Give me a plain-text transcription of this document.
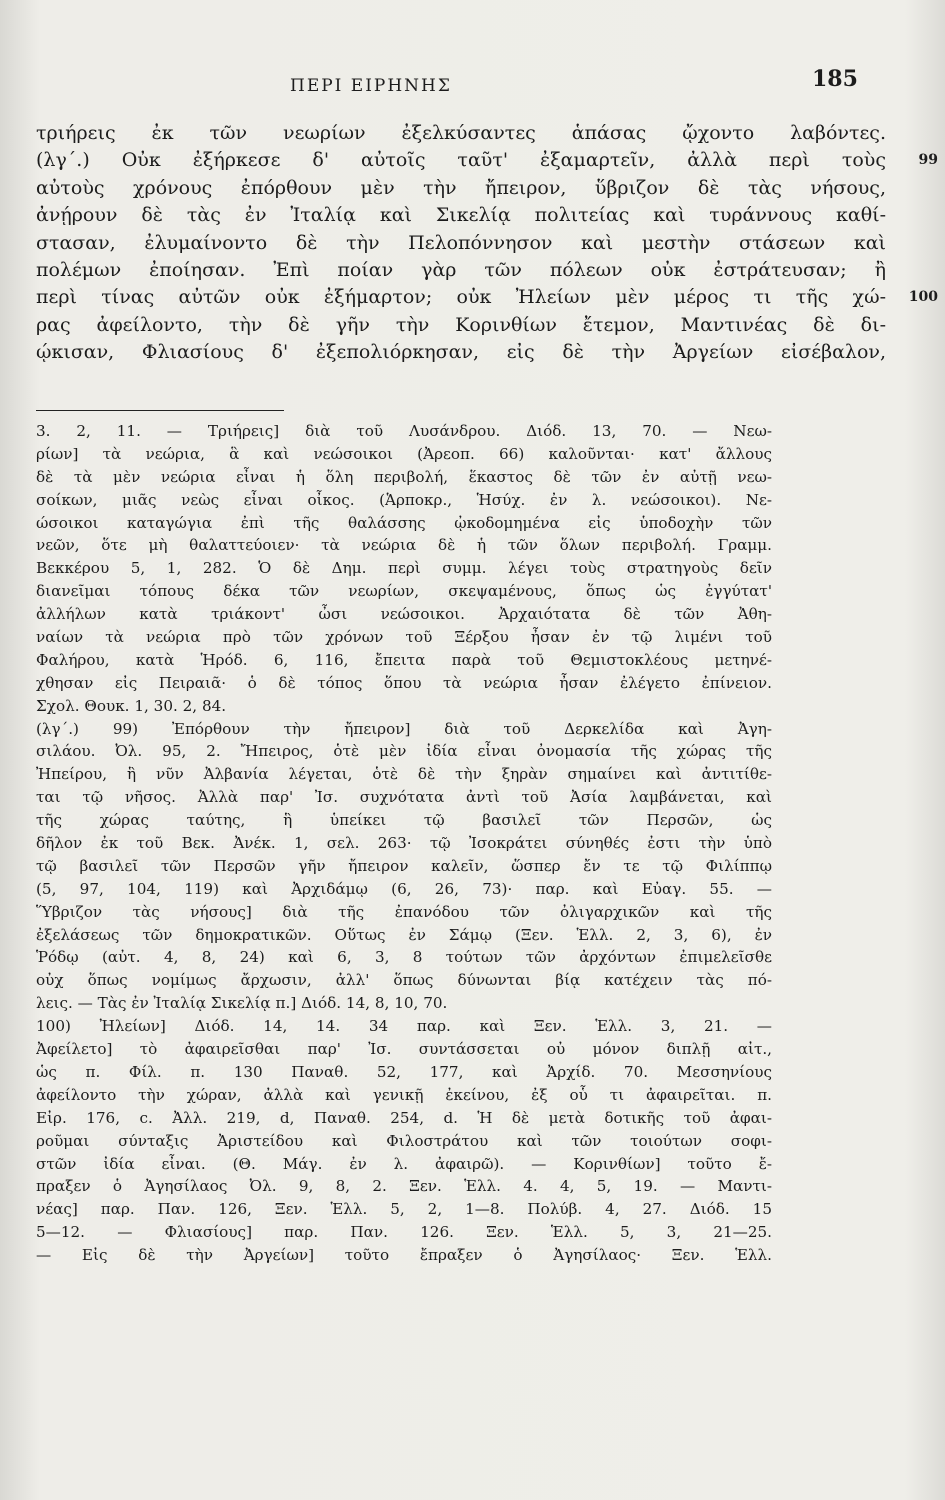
ΠΕΡΙ ΕΙΡΗΝΗΣ	185
τριήρεις ἐκ τῶν νεωρίων ἐξελκύσαντες ἁπάσας ᾤχοντο λαβόντες.
(λγ΄.) Οὐκ ἐξήρκεσε δ' αὐτοῖς ταῦτ' ἐξαμαρτεῖν, ἀλλὰ περὶ τοὺς 99
αὐτοὺς χρόνους ἐπόρθουν μὲν τὴν ἤπειρον, ὕβριζον δὲ τὰς νήσους,
ἀνῄρουν δὲ τὰς ἐν Ἰταλίᾳ καὶ Σικελίᾳ πολιτείας καὶ τυράννους καθί-
στασαν, ἐλυμαίνοντο δὲ τὴν Πελοπόννησον καὶ μεστὴν στάσεων καὶ
πολέμων ἐποίησαν. Ἐπὶ ποίαν γὰρ τῶν πόλεων οὐκ ἐστράτευσαν; ἢ
περὶ τίνας αὐτῶν οὐκ ἐξήμαρτον; οὐκ Ἠλείων μὲν μέρος τι τῆς χώ- 100
ρας ἀφείλοντο, τὴν δὲ γῆν τὴν Κορινθίων ἔτεμον, Μαντινέας δὲ δι-
ῴκισαν, Φλιασίους δ' ἐξεπολιόρκησαν, εἰς δὲ τὴν Ἀργείων εἰσέβαλον,
3. 2, 11. — Τριήρεις] διὰ τοῦ Λυσάνδρου. Διόδ. 13, 70. — Νεω-
ρίων] τὰ νεώρια, ἃ καὶ νεώσοικοι (Ἀρεοπ. 66) καλοῦνται· κατ' ἄλλους
δὲ τὰ μὲν νεώρια εἶναι ἡ ὅλη περιβολή, ἕκαστος δὲ τῶν ἐν αὐτῇ νεω-
σοίκων, μιᾶς νεὼς εἶναι οἶκος. (Ἁρποκρ., Ἡσύχ. ἐν λ. νεώσοικοι). Νε-
ώσοικοι καταγώγια ἐπὶ τῆς θαλάσσης ᾠκοδομημένα εἰς ὑποδοχὴν τῶν
νεῶν, ὅτε μὴ θαλαττεύοιεν· τὰ νεώρια δὲ ἡ τῶν ὅλων περιβολή. Γραμμ.
Βεκκέρου 5, 1, 282. Ὁ δὲ Δημ. περὶ συμμ. λέγει τοὺς στρατηγοὺς δεῖν
διανεῖμαι τόπους δέκα τῶν νεωρίων, σκεψαμένους, ὅπως ὡς ἐγγύτατ'
ἀλλήλων κατὰ τριάκοντ' ὦσι νεώσοικοι. Ἀρχαιότατα δὲ τῶν Ἀθη-
ναίων τὰ νεώρια πρὸ τῶν χρόνων τοῦ Ξέρξου ἦσαν ἐν τῷ λιμένι τοῦ
Φαλήρου, κατὰ Ἡρόδ. 6, 116, ἔπειτα παρὰ τοῦ Θεμιστοκλέους μετηνέ-
χθησαν εἰς Πειραιᾶ· ὁ δὲ τόπος ὅπου τὰ νεώρια ἦσαν ἐλέγετο ἐπίνειον.
Σχολ. Θουκ. 1, 30. 2, 84.
(λγ΄.) 99) Ἐπόρθουν τὴν ἤπειρον] διὰ τοῦ Δερκελίδα καὶ Ἀγη-
σιλάου. Ὀλ. 95, 2. Ἤπειρος, ὁτὲ μὲν ἰδία εἶναι ὀνομασία τῆς χώρας τῆς
Ἠπείρου, ἣ νῦν Ἀλβανία λέγεται, ὁτὲ δὲ τὴν ξηρὰν σημαίνει καὶ ἀντιτίθε-
ται τῷ νῆσος. Ἀλλὰ παρ' Ἰσ. συχνότατα ἀντὶ τοῦ Ἀσία λαμβάνεται, καὶ
τῆς χώρας ταύτης, ἣ ὑπείκει τῷ βασιλεῖ τῶν Περσῶν, ὡς
δῆλον ἐκ τοῦ Βεκ. Ἀνέκ. 1, σελ. 263· τῷ Ἰσοκράτει σύνηθές ἐστι τὴν ὑπὸ
τῷ βασιλεῖ τῶν Περσῶν γῆν ἤπειρον καλεῖν, ὥσπερ ἔν τε τῷ Φιλίππῳ
(5, 97, 104, 119) καὶ Ἀρχιδάμῳ (6, 26, 73)· παρ. καὶ Εὐαγ. 55. —
Ὕβριζον τὰς νήσους] διὰ τῆς ἐπανόδου τῶν ὀλιγαρχικῶν καὶ τῆς
ἐξελάσεως τῶν δημοκρατικῶν. Οὕτως ἐν Σάμῳ (Ξεν. Ἑλλ. 2, 3, 6), ἐν
Ῥόδῳ (αὐτ. 4, 8, 24) καὶ 6, 3, 8 τούτων τῶν ἀρχόντων ἐπιμελεῖσθε
οὐχ ὅπως νομίμως ἄρχωσιν, ἀλλ' ὅπως δύνωνται βίᾳ κατέχειν τὰς πό-
λεις. — Τὰς ἐν Ἰταλίᾳ Σικελίᾳ π.] Διόδ. 14, 8, 10, 70.
100) Ἠλείων] Διόδ. 14, 14. 34 παρ. καὶ Ξεν. Ἑλλ. 3, 21. —
Ἀφείλετο] τὸ ἀφαιρεῖσθαι παρ' Ἰσ. συντάσσεται οὐ μόνον διπλῇ αἰτ.,
ὡς π. Φίλ. π. 130 Παναθ. 52, 177, καὶ Ἀρχίδ. 70. Μεσσηνίους
ἀφείλοντο τὴν χώραν, ἀλλὰ καὶ γενικῇ ἐκείνου, ἐξ οὗ τι ἀφαιρεῖται. π.
Εἰρ. 176, c. Ἀλλ. 219, d, Παναθ. 254, d. Ἡ δὲ μετὰ δοτικῆς τοῦ ἀφαι-
ροῦμαι σύνταξις Ἀριστείδου καὶ Φιλοστράτου καὶ τῶν τοιούτων σοφι-
στῶν ἰδία εἶναι. (Θ. Μάγ. ἐν λ. ἀφαιρῶ). — Κορινθίων] τοῦτο ἔ-
πραξεν ὁ Ἀγησίλαος Ὀλ. 9, 8, 2. Ξεν. Ἑλλ. 4. 4, 5, 19. — Μαντι-
νέας] παρ. Παν. 126, Ξεν. Ἑλλ. 5, 2, 1—8. Πολύβ. 4, 27. Διόδ. 15
5—12. — Φλιασίους] παρ. Παν. 126. Ξεν. Ἑλλ. 5, 3, 21—25.
— Εἰς δὲ τὴν Ἀργείων] τοῦτο ἔπραξεν ὁ Ἀγησίλαος· Ξεν. Ἑλλ.
